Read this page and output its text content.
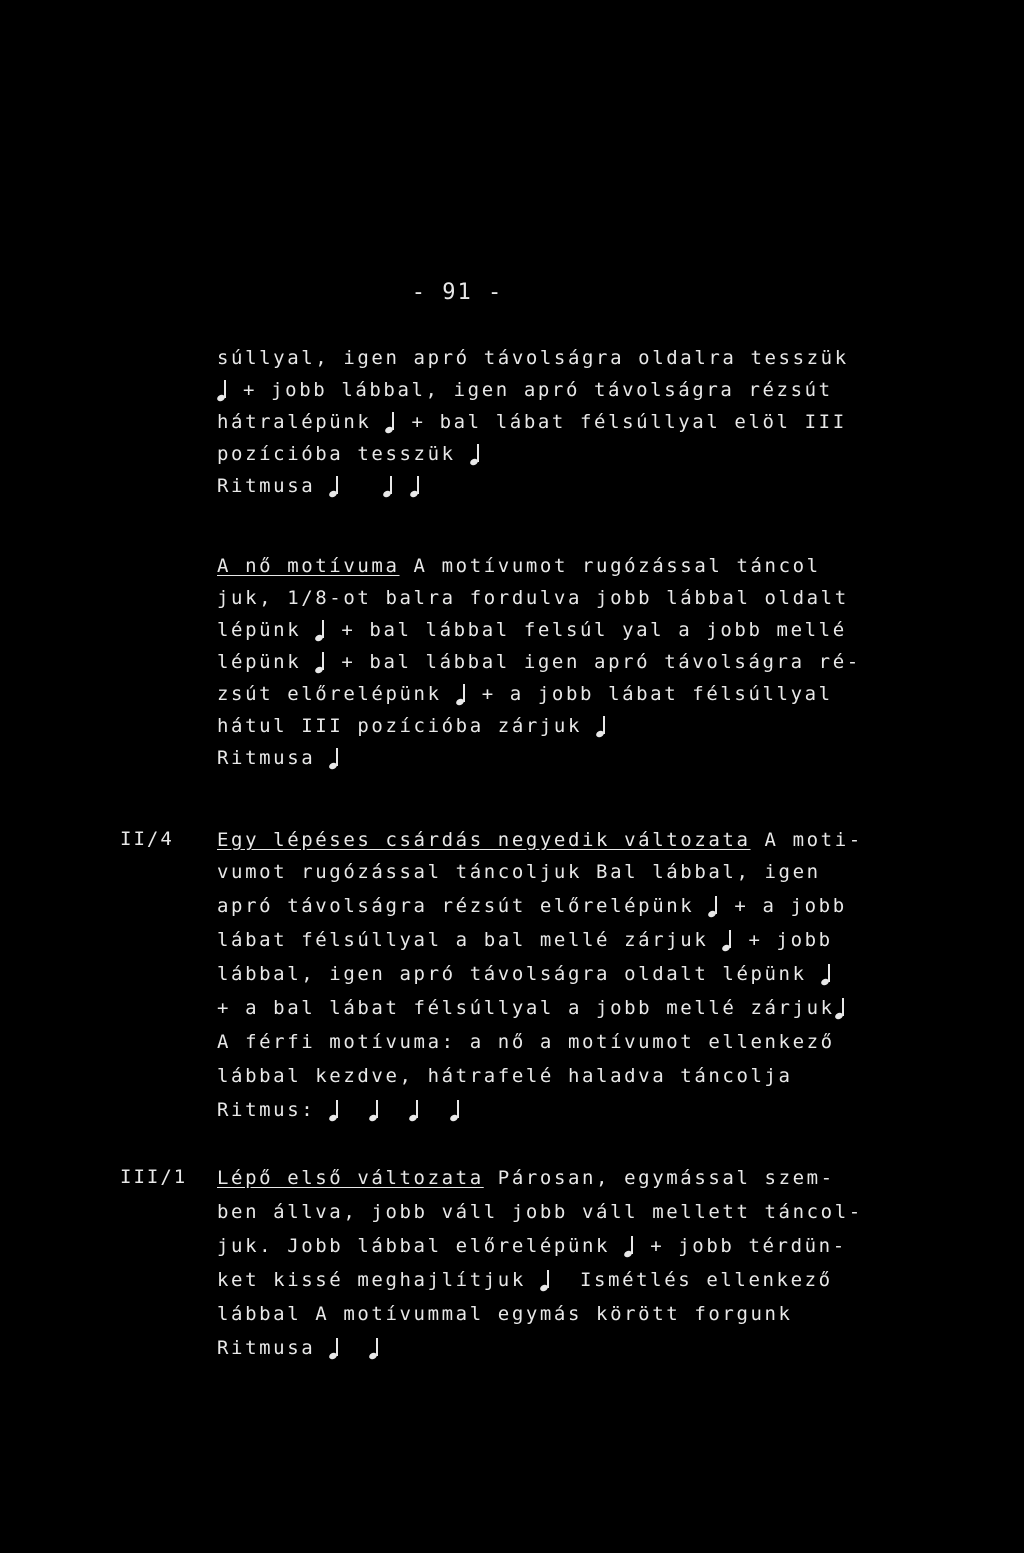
- 91 -
súllyal, igen apró távolságra oldalra tesszük
+ jobb lábbal, igen apró távolságra rézsút
hátralépünk + bal lábat félsúllyal elöl III
pozícióba tesszük
Ritmusa
A nő motívuma A motívumot rugózással táncol
juk, 1/8-ot balra fordulva jobb lábbal oldalt
lépünk + bal lábbal felsúl yal a jobb mellé
lépünk + bal lábbal igen apró távolságra ré-
zsút előrelépünk + a jobb lábat félsúllyal
hátul III pozícióba zárjuk
Ritmusa
II/4 Egy lépéses csárdás negyedik változata A moti-
vumot rugózással táncoljuk Bal lábbal, igen
apró távolságra rézsút előrelépünk + a jobb
lábat félsúllyal a bal mellé zárjuk + jobb
lábbal, igen apró távolságra oldalt lépünk
+ a bal lábat félsúllyal a jobb mellé zárjuk
A férfi motívuma: a nő a motívumot ellenkező
lábbal kezdve, hátrafelé haladva táncolja
Ritmus:
III/1 Lépő első változata Párosan, egymással szem-
ben állva, jobb váll jobb váll mellett táncol-
juk. Jobb lábbal előrelépünk + jobb térdün-
ket kissé meghajlítjuk	Ismétlés ellenkező
lábbal A motívummal egymás körött forgunk
Ritmusa
